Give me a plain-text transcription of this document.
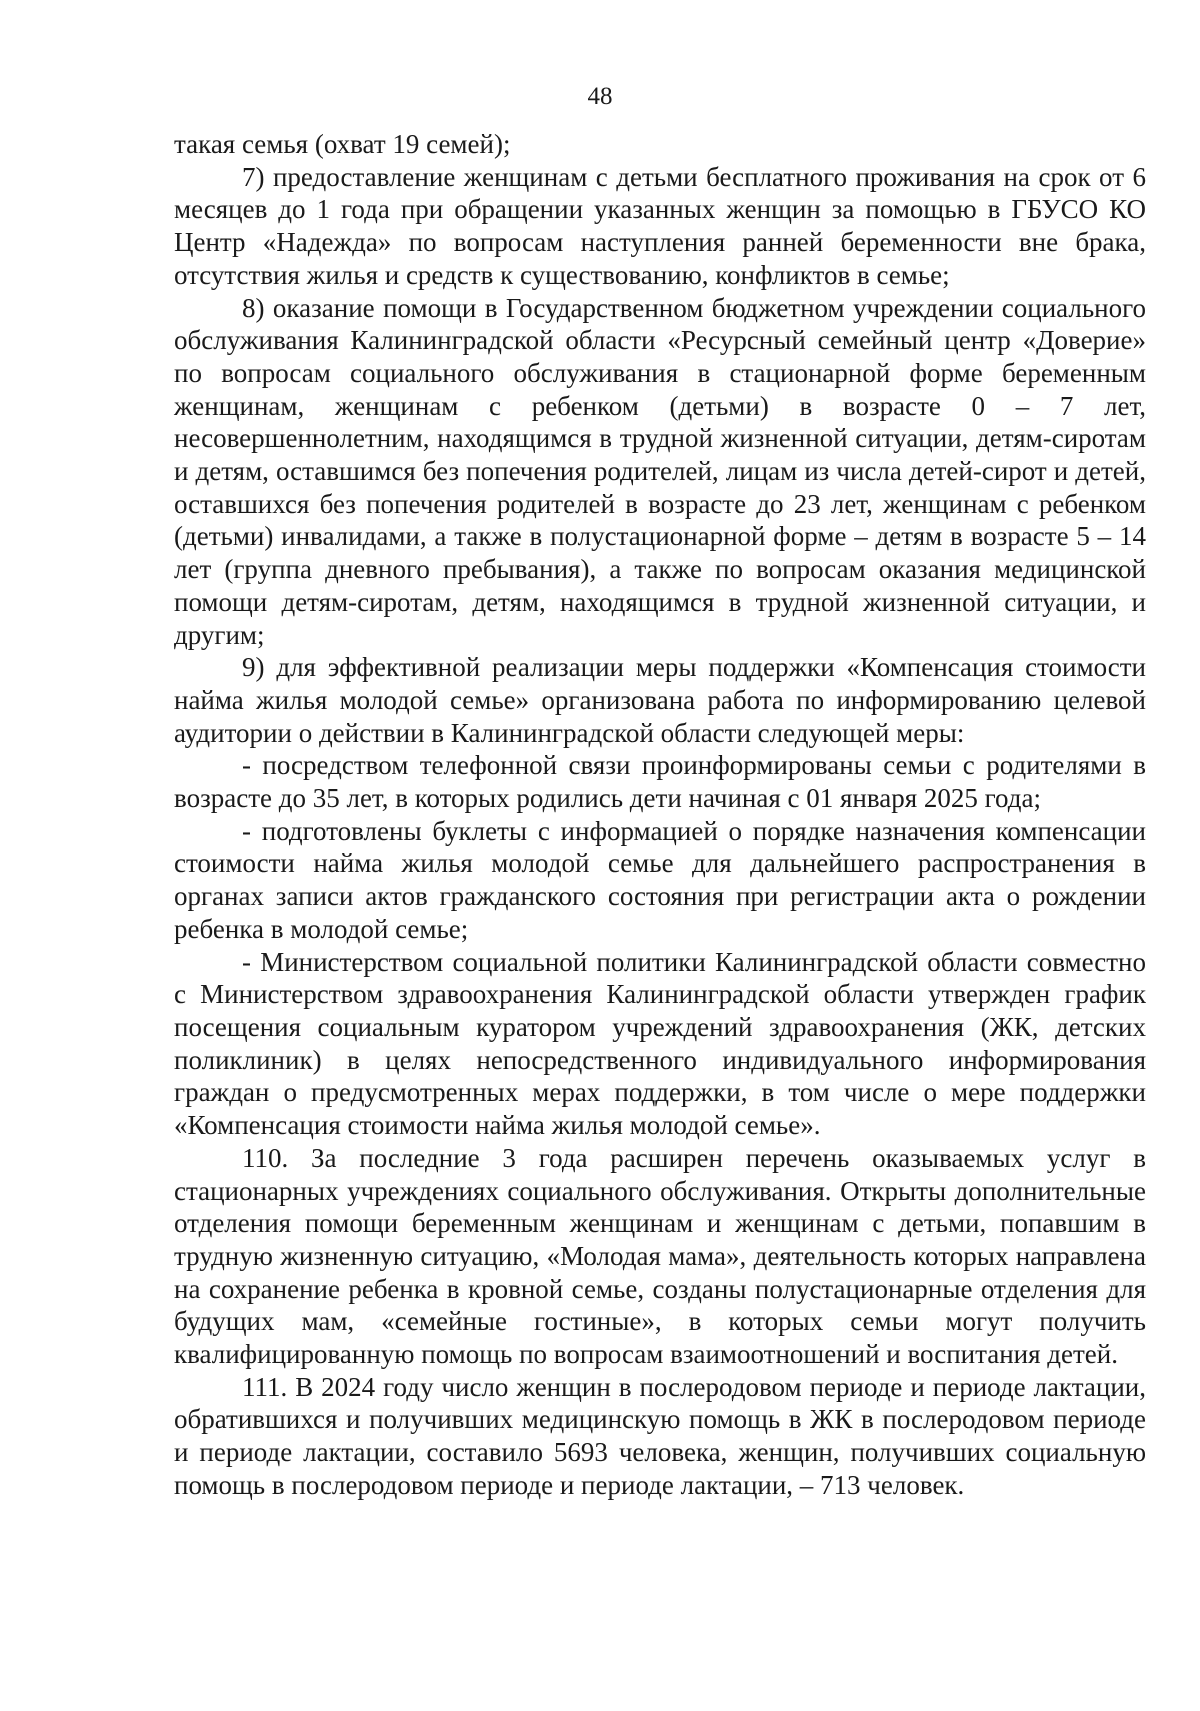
48

такая семья (охват 19 семей);

7) предоставление женщинам с детьми бесплатного проживания на срок от 6 месяцев до 1 года при обращении указанных женщин за помощью в ГБУСО КО Центр «Надежда» по вопросам наступления ранней беременности вне брака, отсутствия жилья и средств к существованию, конфликтов в семье;

8) оказание помощи в Государственном бюджетном учреждении социального обслуживания Калининградской области «Ресурсный семейный центр «Доверие» по вопросам социального обслуживания в стационарной форме беременным женщинам, женщинам с ребенком (детьми) в возрасте 0 – 7 лет, несовершеннолетним, находящимся в трудной жизненной ситуации, детям-сиротам и детям, оставшимся без попечения родителей, лицам из числа детей-сирот и детей, оставшихся без попечения родителей в возрасте до 23 лет, женщинам с ребенком (детьми) инвалидами, а также в полустационарной форме – детям в возрасте 5 – 14 лет (группа дневного пребывания), а также по вопросам оказания медицинской помощи детям-сиротам, детям, находящимся в трудной жизненной ситуации, и другим;

9) для эффективной реализации меры поддержки «Компенсация стоимости найма жилья молодой семье» организована работа по информированию целевой аудитории о действии в Калининградской области следующей меры:

- посредством телефонной связи проинформированы семьи с родителями в возрасте до 35 лет, в которых родились дети начиная с 01 января 2025 года;

- подготовлены буклеты с информацией о порядке назначения компенсации стоимости найма жилья молодой семье для дальнейшего распространения в органах записи актов гражданского состояния при регистрации акта о рождении ребенка в молодой семье;

- Министерством социальной политики Калининградской области совместно с Министерством здравоохранения Калининградской области утвержден график посещения социальным куратором учреждений здравоохранения (ЖК, детских поликлиник) в целях непосредственного индивидуального информирования граждан о предусмотренных мерах поддержки, в том числе о мере поддержки «Компенсация стоимости найма жилья молодой семье».

110. За последние 3 года расширен перечень оказываемых услуг в стационарных учреждениях социального обслуживания. Открыты дополнительные отделения помощи беременным женщинам и женщинам с детьми, попавшим в трудную жизненную ситуацию, «Молодая мама», деятельность которых направлена на сохранение ребенка в кровной семье, созданы полустационарные отделения для будущих мам, «семейные гостиные», в которых семьи могут получить квалифицированную помощь по вопросам взаимоотношений и воспитания детей.

111. В 2024 году число женщин в послеродовом периоде и периоде лактации, обратившихся и получивших медицинскую помощь в ЖК в послеродовом периоде и периоде лактации, составило 5693 человека, женщин, получивших социальную помощь в послеродовом периоде и периоде лактации, – 713 человек.
